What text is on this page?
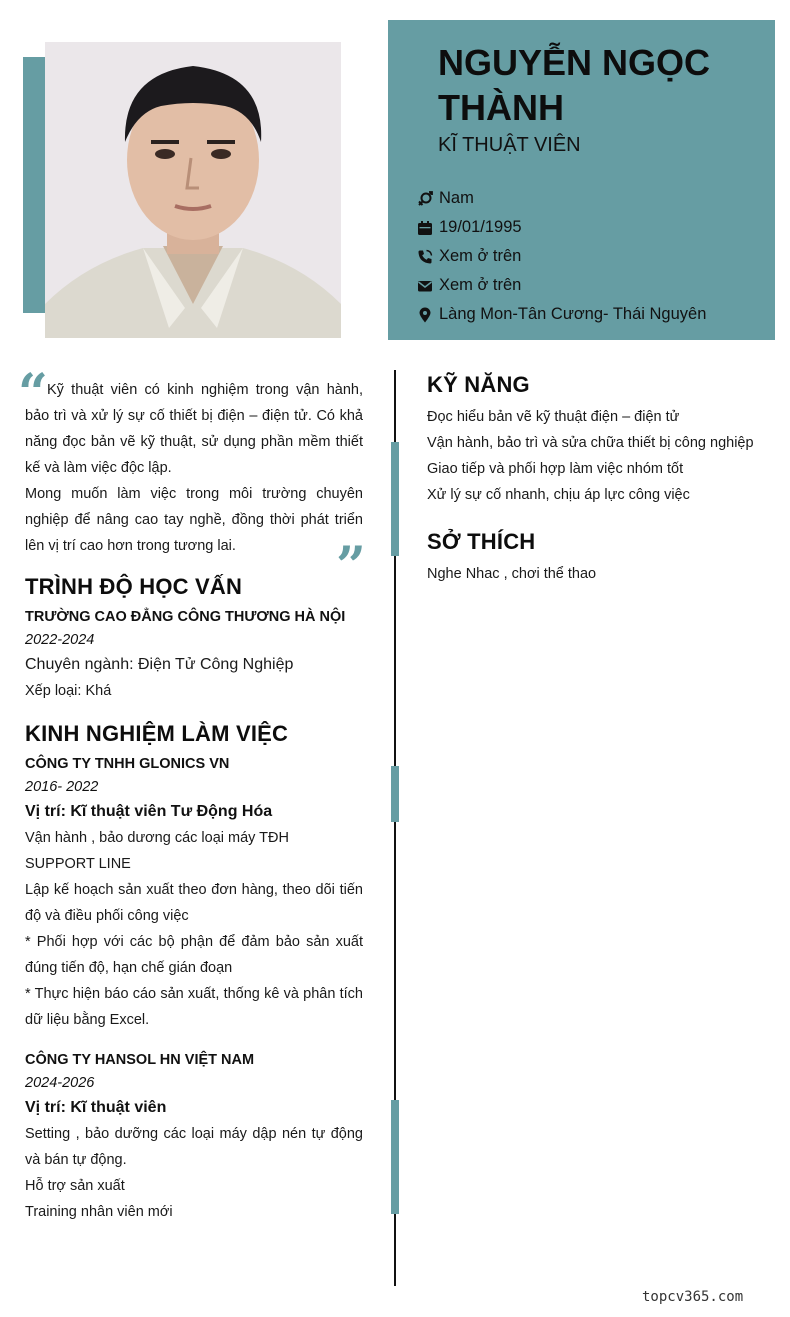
NGUYỄN NGỌC THÀNH
KĨ THUẬT VIÊN
Nam
19/01/1995
Xem ở trên
Xem ở trên
Làng Mon-Tân Cương- Thái Nguyên
“ Kỹ thuật viên có kinh nghiệm trong vận hành, bảo trì và xử lý sự cố thiết bị điện – điện tử. Có khả năng đọc bản vẽ kỹ thuật, sử dụng phần mềm thiết kế và làm việc độc lập.

Mong muốn làm việc trong môi trường chuyên nghiệp để nâng cao tay nghề, đồng thời phát triển lên vị trí cao hơn trong tương lai.	”
TRÌNH ĐỘ HỌC VẤN
TRƯỜNG CAO ĐẲNG CÔNG THƯƠNG HÀ NỘI
2022-2024
Chuyên ngành: Điện Tử Công Nghiệp
Xếp loại: Khá
KINH NGHIỆM LÀM VIỆC
CÔNG TY TNHH GLONICS VN
2016- 2022
Vị trí: Kĩ thuật viên Tư Động Hóa
Vận hành , bảo dương các loại máy TĐH
SUPPORT LINE
Lập kế hoạch sản xuất theo đơn hàng, theo dõi tiến độ và điều phối công việc
* Phối hợp với các bộ phận để đảm bảo sản xuất đúng tiến độ, hạn chế gián đoạn
* Thực hiện báo cáo sản xuất, thống kê và phân tích dữ liệu bằng Excel.
CÔNG TY HANSOL HN VIỆT NAM
2024-2026
Vị trí: Kĩ thuật viên
Setting , bảo dưỡng các loại máy dập nén tự động và bán tự động.
Hỗ trợ sản xuất
Training nhân viên mới
KỸ NĂNG
Đọc hiểu bản vẽ kỹ thuật điện – điện tử
Vận hành, bảo trì và sửa chữa thiết bị công nghiệp
Giao tiếp và phối hợp làm việc nhóm tốt
Xử lý sự cố nhanh, chịu áp lực công việc
SỞ THÍCH
Nghe Nhac , chơi thể thao
topcv365.com
